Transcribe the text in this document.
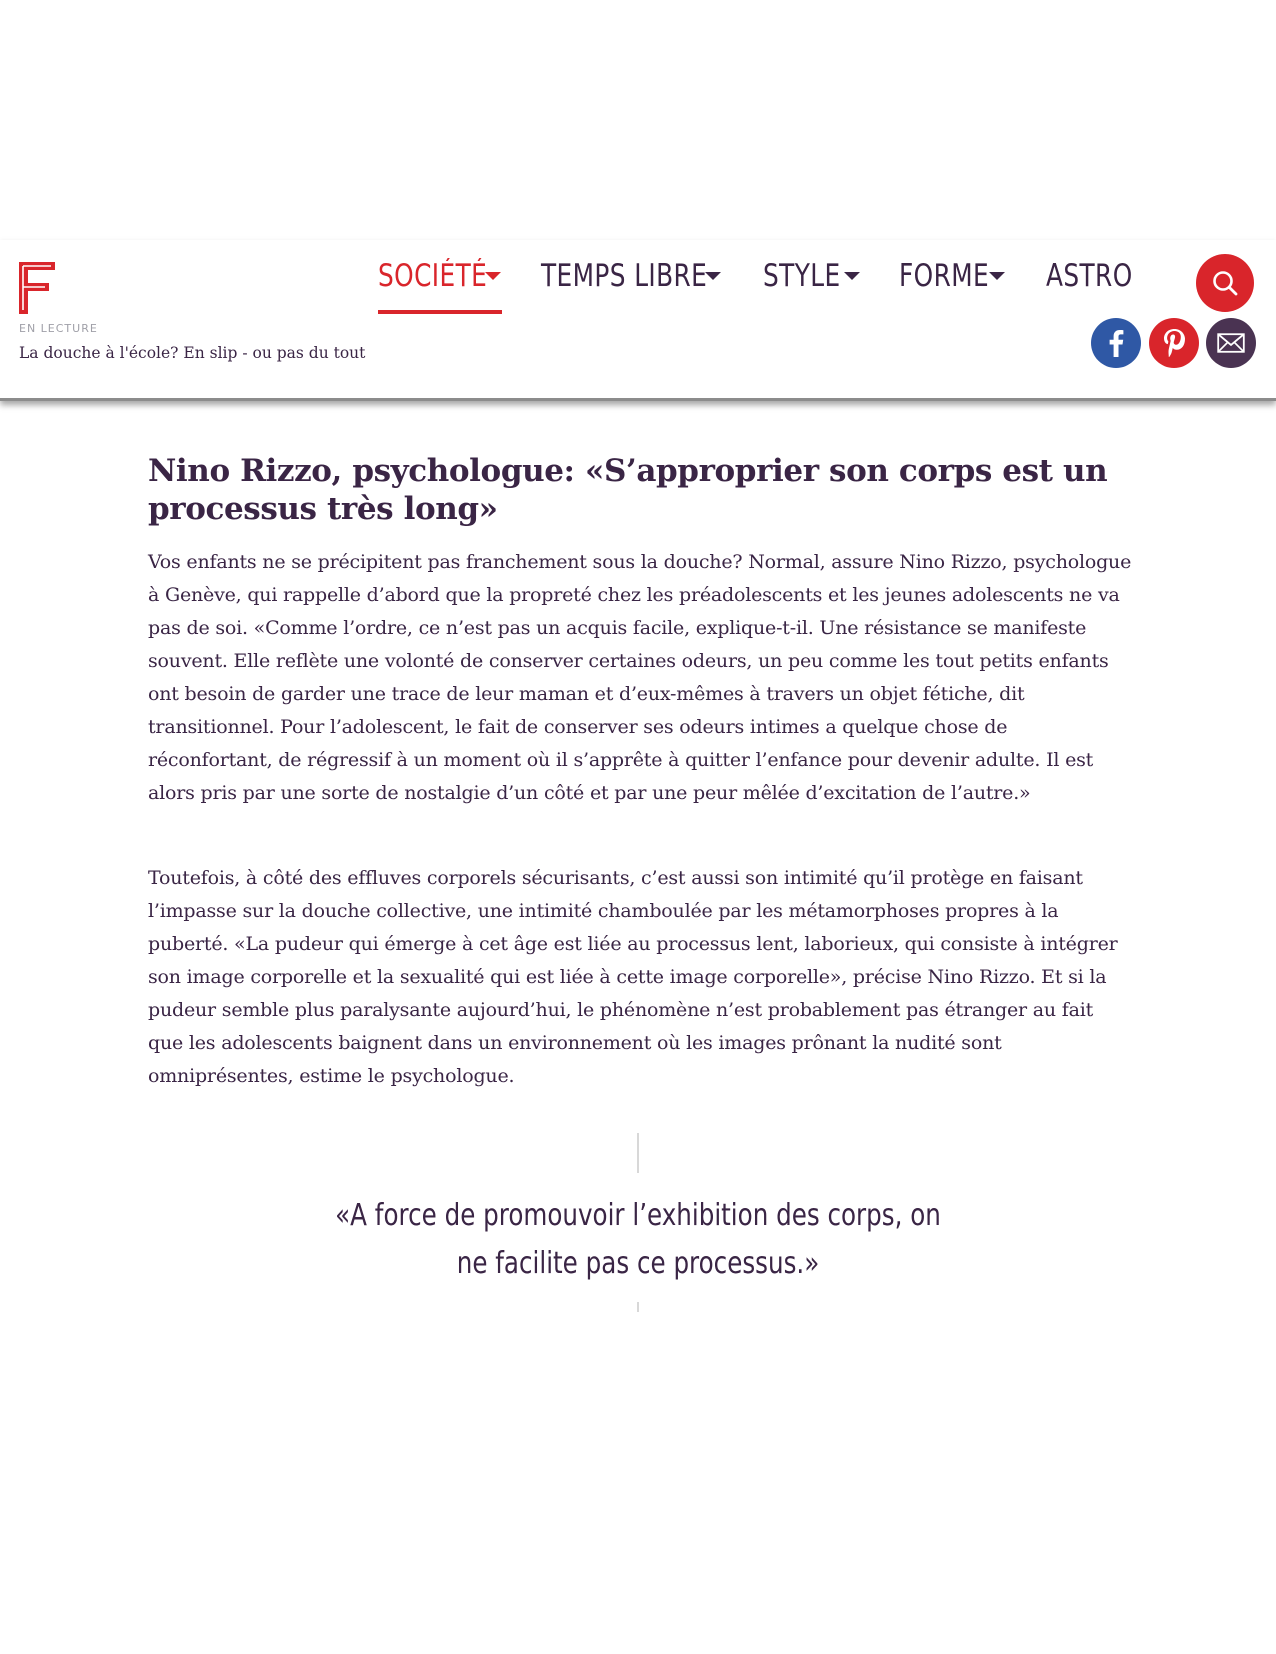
SOCIÉTÉ TEMPS LIBRE STYLE FORME ASTRO
EN LECTURE
La douche à l'école? En slip - ou pas du tout
Nino Rizzo, psychologue: «S’approprier son corps est un processus très long»

Vos enfants ne se précipitent pas franchement sous la douche? Normal, assure Nino Rizzo, psychologue à Genève, qui rappelle d’abord que la propreté chez les préadolescents et les jeunes adolescents ne va pas de soi. «Comme l’ordre, ce n’est pas un acquis facile, explique-t-il. Une résistance se manifeste souvent. Elle reflète une volonté de conserver certaines odeurs, un peu comme les tout petits enfants ont besoin de garder une trace de leur maman et d’eux-mêmes à travers un objet fétiche, dit transitionnel. Pour l’adolescent, le fait de conserver ses odeurs intimes a quelque chose de réconfortant, de régressif à un moment où il s’apprête à quitter l’enfance pour devenir adulte. Il est alors pris par une sorte de nostalgie d’un côté et par une peur mêlée d’excitation de l’autre.»

Toutefois, à côté des effluves corporels sécurisants, c’est aussi son intimité qu’il protège en faisant l’impasse sur la douche collective, une intimité chamboulée par les métamorphoses propres à la puberté. «La pudeur qui émerge à cet âge est liée au processus lent, laborieux, qui consiste à intégrer son image corporelle et la sexualité qui est liée à cette image corporelle», précise Nino Rizzo. Et si la pudeur semble plus paralysante aujourd’hui, le phénomène n’est probablement pas étranger au fait que les adolescents baignent dans un environnement où les images prônant la nudité sont omniprésentes, estime le psychologue.

«A force de promouvoir l’exhibition des corps, on ne facilite pas ce processus.»
